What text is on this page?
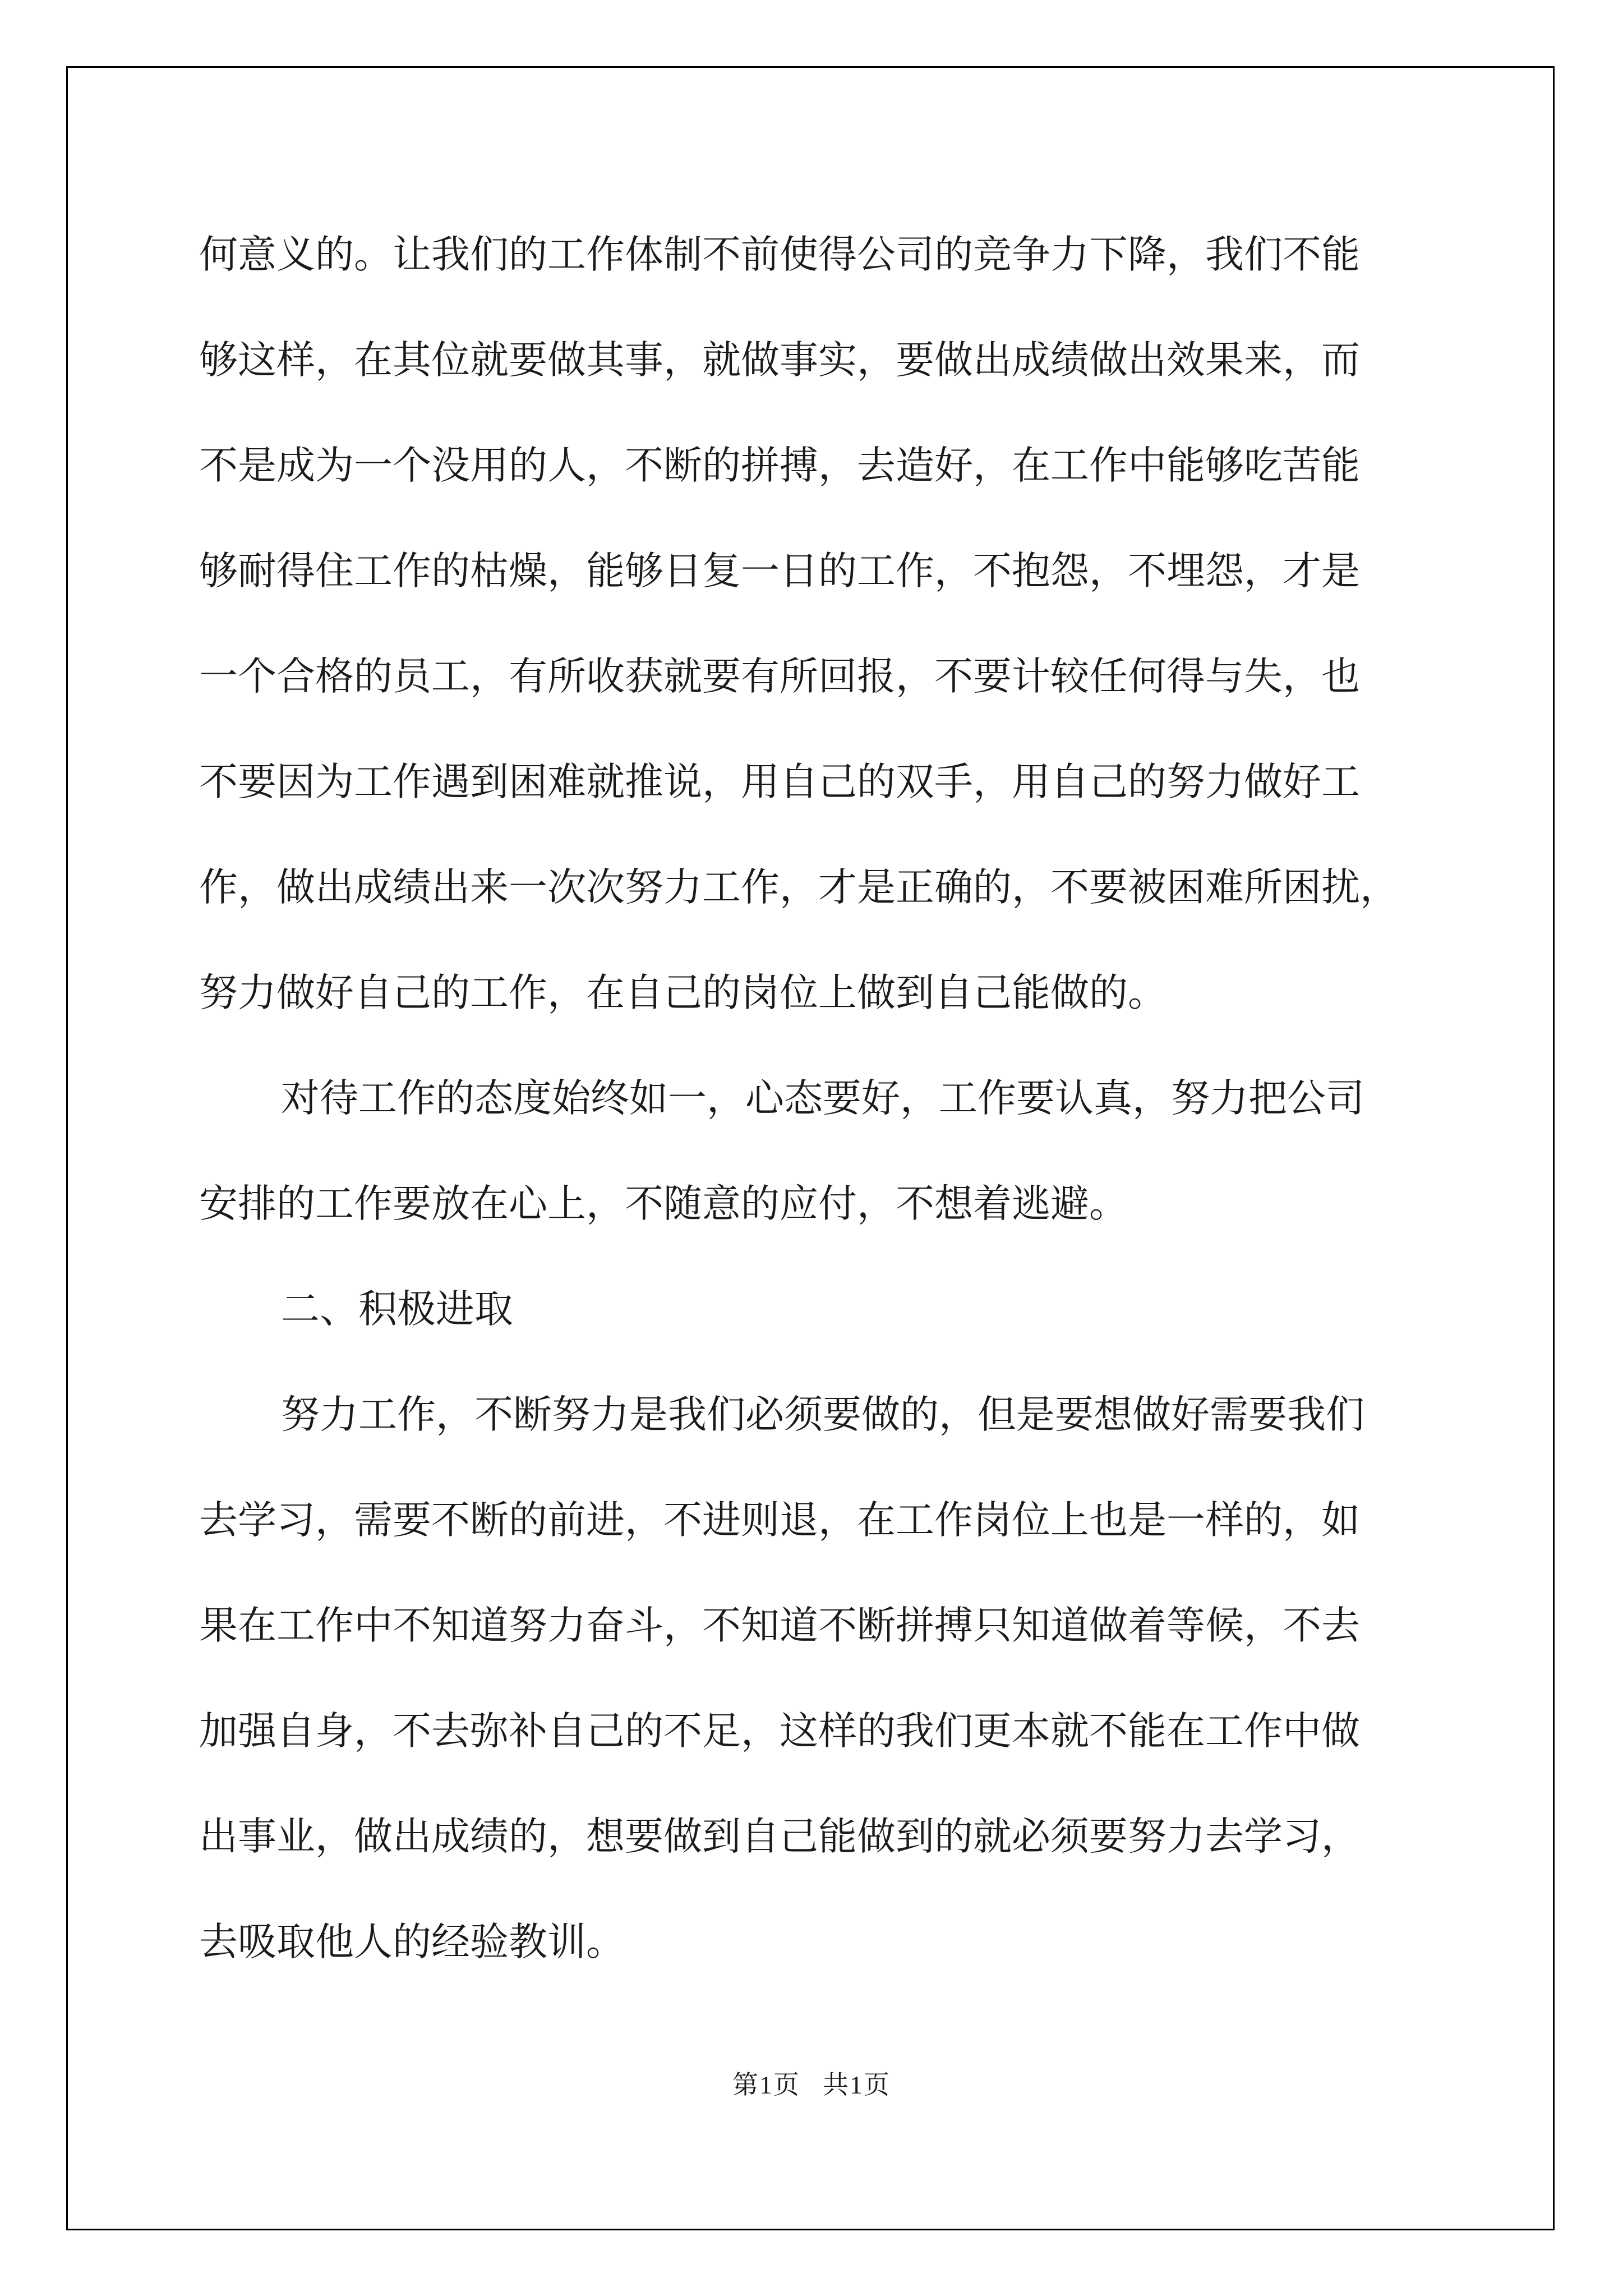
何意义的。让我们的工作体制不前使得公司的竞争力下降，我们不能
够这样，在其位就要做其事，就做事实，要做出成绩做出效果来，而
不是成为一个没用的人，不断的拼搏，去造好，在工作中能够吃苦能
够耐得住工作的枯燥，能够日复一日的工作，不抱怨，不埋怨，才是
一个合格的员工，有所收获就要有所回报，不要计较任何得与失，也
不要因为工作遇到困难就推说，用自己的双手，用自己的努力做好工
作，做出成绩出来一次次努力工作，才是正确的，不要被困难所困扰，
努力做好自己的工作，在自己的岗位上做到自己能做的。
对待工作的态度始终如一，心态要好，工作要认真，努力把公司
安排的工作要放在心上，不随意的应付，不想着逃避。
二、积极进取
努力工作，不断努力是我们必须要做的，但是要想做好需要我们
去学习，需要不断的前进，不进则退，在工作岗位上也是一样的，如
果在工作中不知道努力奋斗，不知道不断拼搏只知道做着等候，不去
加强自身，不去弥补自己的不足，这样的我们更本就不能在工作中做
出事业，做出成绩的，想要做到自己能做到的就必须要努力去学习，
去吸取他人的经验教训。
第1页 共1页
